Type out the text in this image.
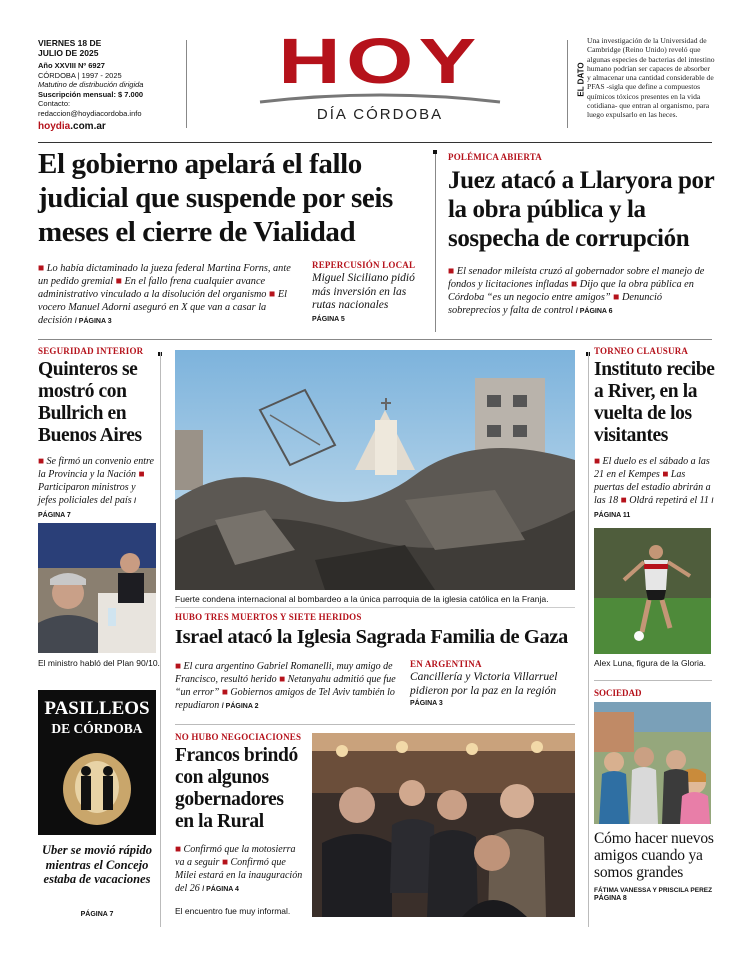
VIERNES 18 DE JULIO DE 2025
Año XXVIII Nº 6927
CÓRDOBA | 1997 - 2025
Matutino de distribución dirigida
Suscripción mensual: $ 7.000
Contacto:
redaccion@hoydiacordoba.info
hoydia.com.ar
HOY
DÍA CÓRDOBA
EL DATO
Una investigación de la Universidad de Cambridge (Reino Unido) reveló que algunas especies de bacterias del intestino humano podrían ser capaces de absorber y almacenar una cantidad considerable de PFAS -sigla que define a compuestos químicos tóxicos presentes en la vida cotidiana- que entran al organismo, para luego expulsarlo en las heces.
El gobierno apelará el fallo judicial que suspende por seis meses el cierre de Vialidad
■ Lo había dictaminado la jueza federal Martina Forns, ante un pedido gremial ■ En el fallo frena cualquier avance administrativo vinculado a la disolución del organismo ■ El vocero Manuel Adorni aseguró en X que van a casar la decisión / PÁGINA 3
REPERCUSIÓN LOCAL
Miguel Siciliano pidió más inversión en las rutas nacionales
PÁGINA 5
POLÉMICA ABIERTA
Juez atacó a Llaryora por la obra pública y la sospecha de corrupción
■ El senador mileísta cruzó al gobernador sobre el manejo de fondos y licitaciones infladas ■ Dijo que la obra pública en Córdoba “es un negocio entre amigos” ■ Denunció sobreprecios y falta de control / PÁGINA 6
SEGURIDAD INTERIOR
Quinteros se mostró con Bullrich en Buenos Aires
■ Se firmó un convenio entre la Provincia y la Nación ■ Participaron ministros y jefes policiales del país / PÁGINA 7
El ministro habló del Plan 90/10.
PASILLEOS
DE CÓRDOBA
Uber se movió rápido mientras el Concejo estaba de vacaciones
PÁGINA 7
Fuerte condena internacional al bombardeo a la única parroquia de la iglesia católica en la Franja.
HUBO TRES MUERTOS Y SIETE HERIDOS
Israel atacó la Iglesia Sagrada Familia de Gaza
■ El cura argentino Gabriel Romanelli, muy amigo de Francisco, resultó herido ■ Netanyahu admitió que fue “un error” ■ Gobiernos amigos de Tel Aviv también lo repudiaron / PÁGINA 2
EN ARGENTINA
Cancillería y Victoria Villarruel pidieron por la paz en la región
PÁGINA 3
NO HUBO NEGOCIACIONES
Francos brindó con algunos gobernadores en la Rural
■ Confirmó que la motosierra va a seguir ■ Confirmó que Milei estará en la inauguración del 26 / PÁGINA 4
El encuentro fue muy informal.
TORNEO CLAUSURA
Instituto recibe a River, en la vuelta de los visitantes
■ El duelo es el sábado a las 21 en el Kempes ■ Las puertas del estadio abrirán a las 18 ■ Oldrá repetirá el 11 / PÁGINA 11
Alex Luna, figura de la Gloria.
SOCIEDAD
Cómo hacer nuevos amigos cuando ya somos grandes
FÁTIMA VANESSA Y PRISCILA PEREZ
PÁGINA 8
